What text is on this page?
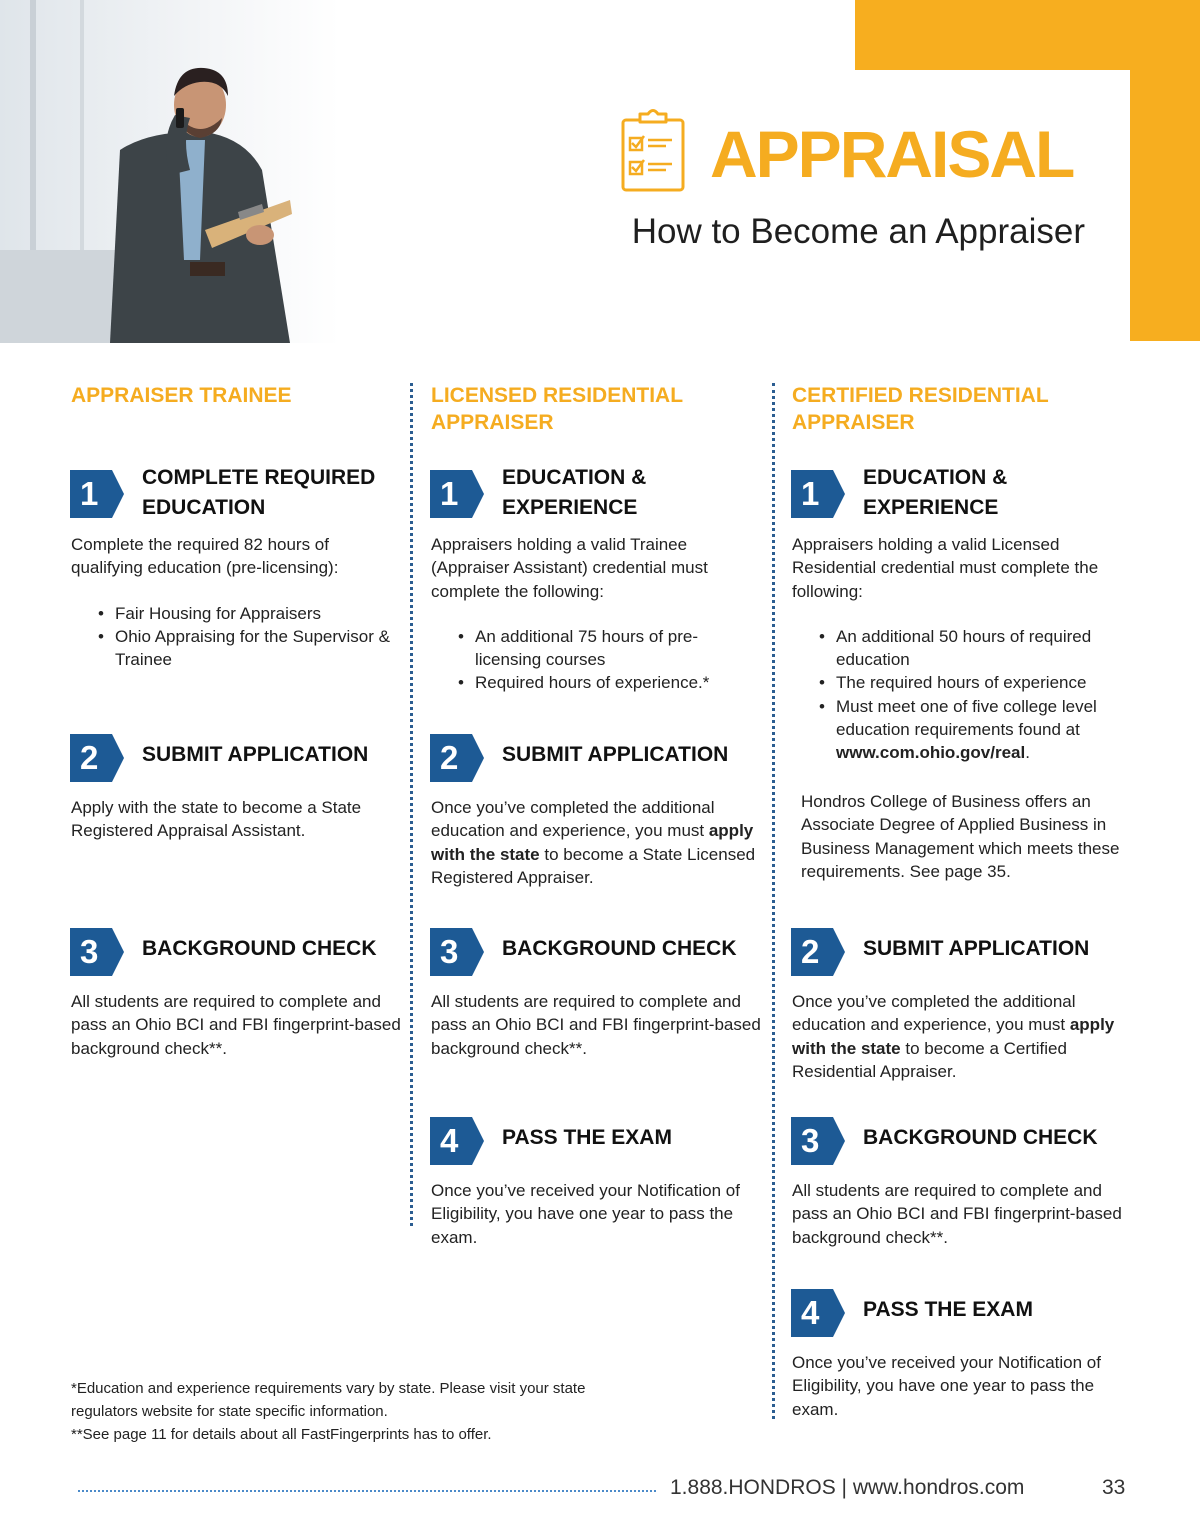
APPRAISAL
How to Become an Appraiser
APPRAISER TRAINEE
1 COMPLETE REQUIRED EDUCATION

Complete the required 82 hours of qualifying education (pre-licensing):

• Fair Housing for Appraisers
• Ohio Appraising for the Supervisor & Trainee
2 SUBMIT APPLICATION

Apply with the state to become a State Registered Appraisal Assistant.

3 BACKGROUND CHECK

All students are required to complete and pass an Ohio BCI and FBI fingerprint-based background check**.

LICENSED RESIDENTIAL APPRAISER
1 EDUCATION & EXPERIENCE

Appraisers holding a valid Trainee (Appraiser Assistant) credential must complete the following:

• An additional 75 hours of pre-licensing courses
• Required hours of experience.*
2 SUBMIT APPLICATION

Once you’ve completed the additional education and experience, you must apply with the state to become a State Licensed Registered Appraiser.

3 BACKGROUND CHECK

All students are required to complete and pass an Ohio BCI and FBI fingerprint-based background check**.

4 PASS THE EXAM

Once you’ve received your Notification of Eligibility, you have one year to pass the exam.

CERTIFIED RESIDENTIAL APPRAISER
1 EDUCATION & EXPERIENCE

Appraisers holding a valid Licensed Residential credential must complete the following:

• An additional 50 hours of required education
• The required hours of experience
• Must meet one of five college level education requirements found at www.com.ohio.gov/real.

Hondros College of Business offers an Associate Degree of Applied Business in Business Management which meets these requirements. See page 35.

2 SUBMIT APPLICATION

Once you’ve completed the additional education and experience, you must apply with the state to become a Certified Residential Appraiser.

3 BACKGROUND CHECK

All students are required to complete and pass an Ohio BCI and FBI fingerprint-based background check**.

4 PASS THE EXAM

Once you’ve received your Notification of Eligibility, you have one year to pass the exam.

*Education and experience requirements vary by state. Please visit your state
regulators website for state specific information.
**See page 11 for details about all FastFingerprints has to offer.
1.888.HONDROS | www.hondros.com	33
